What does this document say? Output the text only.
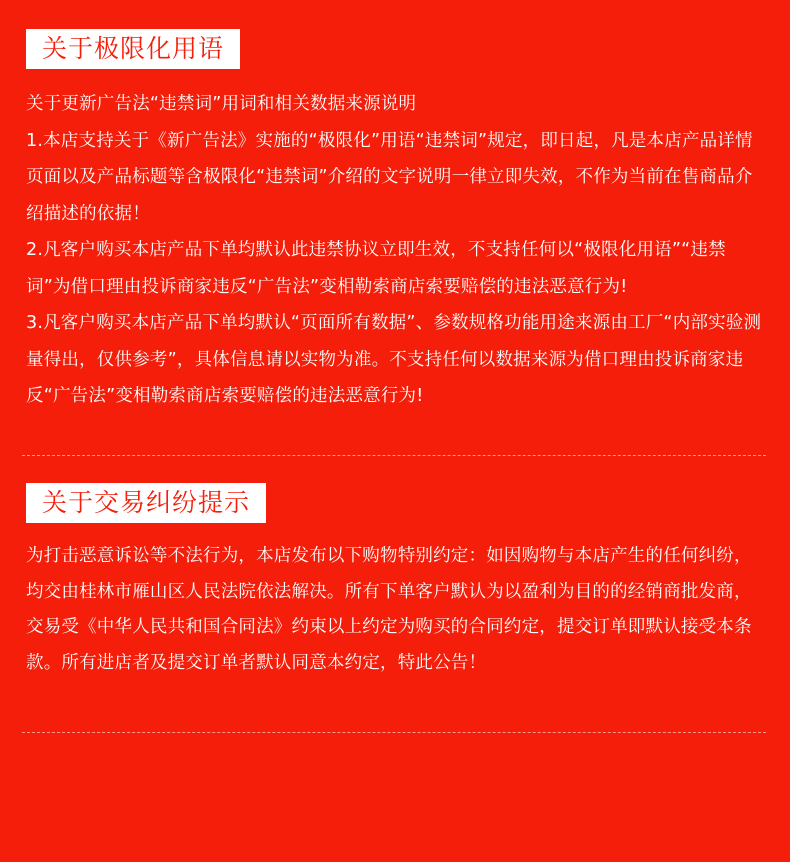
关于极限化用语

关于更新广告法“违禁词”用词和相关数据来源说明

1.本店支持关于《新广告法》实施的“极限化”用语“违禁词”规定，即日起，凡是本店产品详情页面以及产品标题等含极限化“违禁词”介绍的文字说明一律立即失效，不作为当前在售商品介绍描述的依据！

2.凡客户购买本店产品下单均默认此违禁协议立即生效，不支持任何以“极限化用语”“违禁词”为借口理由投诉商家违反“广告法”变相勒索商店索要赔偿的违法恶意行为!

3.凡客户购买本店产品下单均默认“页面所有数据”、参数规格功能用途来源由工厂“内部实验测量得出，仅供参考”，具体信息请以实物为准。不支持任何以数据来源为借口理由投诉商家违反“广告法”变相勒索商店索要赔偿的违法恶意行为!

关于交易纠纷提示

为打击恶意诉讼等不法行为，本店发布以下购物特别约定：如因购物与本店产生的任何纠纷，均交由桂林市雁山区人民法院依法解决。所有下单客户默认为以盈利为目的的经销商批发商，交易受《中华人民共和国合同法》约束以上约定为购买的合同约定，提交订单即默认接受本条款。所有进店者及提交订单者默认同意本约定，特此公告！
